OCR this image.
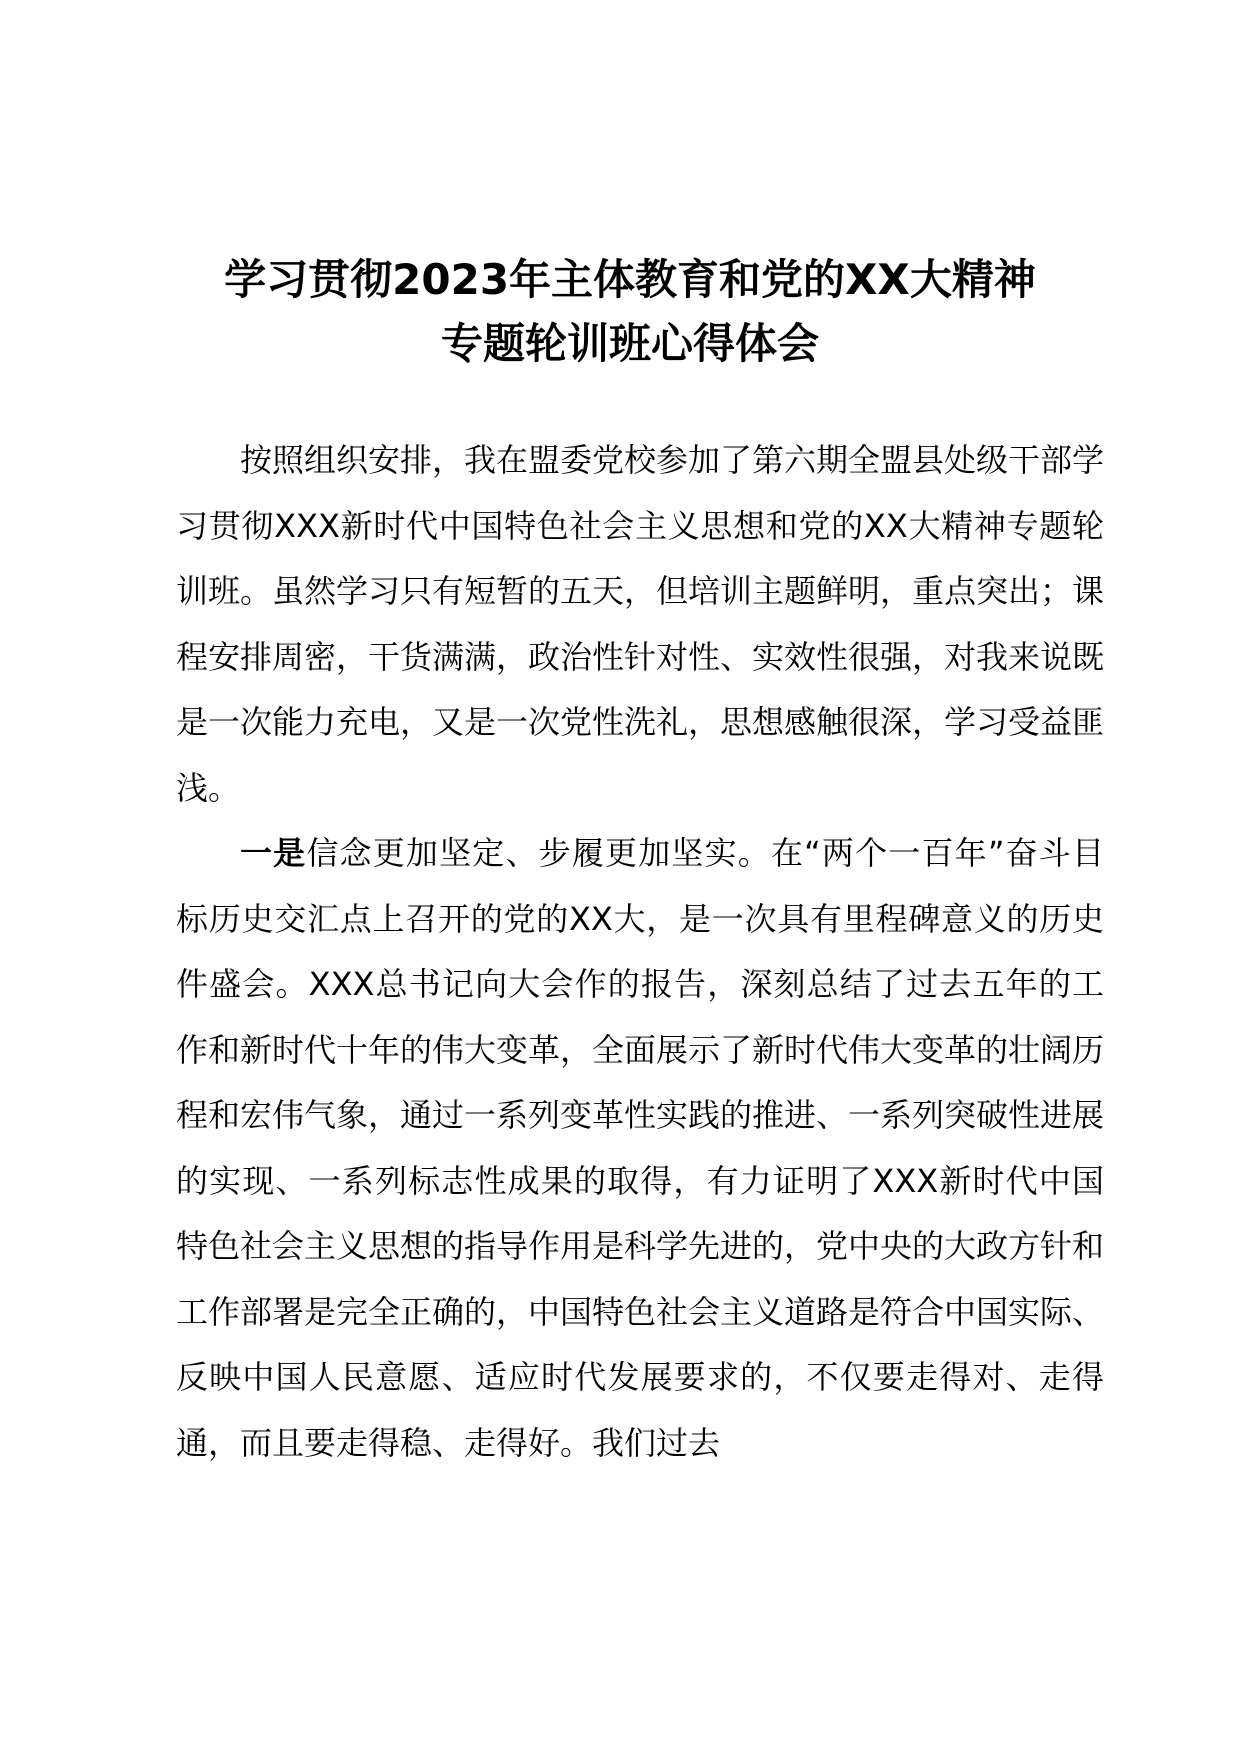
学习贯彻2023年主体教育和党的XX大精神
专题轮训班心得体会

按照组织安排，我在盟委党校参加了第六期全盟县处级干部学习贯彻XXX新时代中国特色社会主义思想和党的XX大精神专题轮训班。虽然学习只有短暂的五天，但培训主题鲜明，重点突出；课程安排周密，干货满满，政治性针对性、实效性很强，对我来说既是一次能力充电，又是一次党性洗礼，思想感触很深，学习受益匪浅。

一是信念更加坚定、步履更加坚实。在“两个一百年”奋斗目标历史交汇点上召开的党的XX大，是一次具有里程碑意义的历史件盛会。XXX总书记向大会作的报告，深刻总结了过去五年的工作和新时代十年的伟大变革，全面展示了新时代伟大变革的壮阔历程和宏伟气象，通过一系列变革性实践的推进、一系列突破性进展的实现、一系列标志性成果的取得，有力证明了XXX新时代中国特色社会主义思想的指导作用是科学先进的，党中央的大政方针和工作部署是完全正确的，中国特色社会主义道路是符合中国实际、反映中国人民意愿、适应时代发展要求的，不仅要走得对、走得通，而且要走得稳、走得好。我们过去
